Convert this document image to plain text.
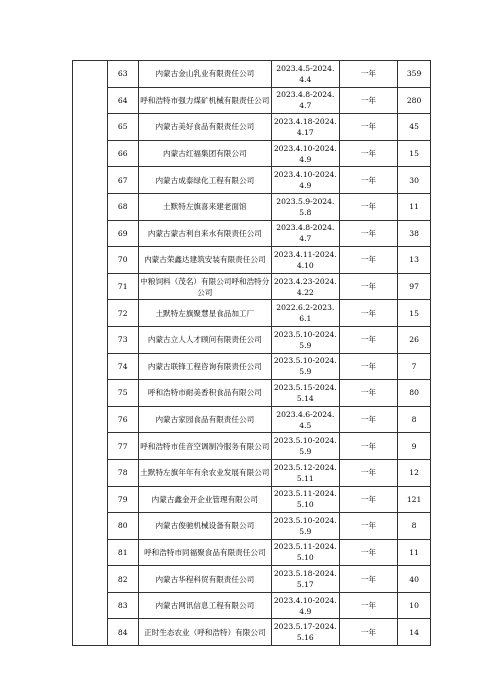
	63	内蒙古金山乳业有限责任公司	2023.4.5-2024.4.4	一年	359
	64	呼和浩特市强力煤矿机械有限责任公司	2023.4.8-2024.4.7	一年	280
	65	内蒙古美好食品有限责任公司	2023.4.18-2024.4.17	一年	45
	66	内蒙古红福集团有限公司	2023.4.10-2024.4.9	一年	15
	67	内蒙古成泰绿化工程有限公司	2023.4.10-2024.4.9	一年	30
	68	土默特左旗喜来建老面馆	2023.5.9-2024.5.8	一年	11
	69	内蒙古蒙古利自来水有限责任公司	2023.4.8-2024.4.7	一年	38
	70	内蒙古荣鑫达建筑安装有限责任公司	2023.4.11-2024.4.10	一年	13
	71	中粮饲料（茂名）有限公司呼和浩特分公司	2023.4.23-2024.4.22	一年	97
	72	土默特左旗聚慧星食品加工厂	2022.6.2-2023.6.1	一年	15
	73	内蒙古立人人才顾问有限责任公司	2023.5.10-2024.5.9	一年	26
	74	内蒙古联锋工程咨询有限责任公司	2023.5.10-2024.5.9	一年	7
	75	呼和浩特市耐美香积食品有限公司	2023.5.15-2024.5.14	一年	80
	76	内蒙古家园食品有限责任公司	2023.4.6-2024.4.5	一年	8
	77	呼和浩特市佳音空调制冷服务有限公司	2023.5.10-2024.5.9	一年	9
	78	土默特左旗年年有余农业发展有限公司	2023.5.12-2024.5.11	一年	12
	79	内蒙古鑫金开企业管理有限公司	2023.5.11-2024.5.10	一年	121
	80	内蒙古俊驰机械设备有限公司	2023.5.10-2024.5.9	一年	8
	81	呼和浩特市同福聚食品有限责任公司	2023.5.11-2024.5.10	一年	11
	82	内蒙古华程科贸有限责任公司	2023.5.18-2024.5.17	一年	40
	83	内蒙古网讯信息工程有限公司	2023.4.10-2024.4.9	一年	10
	84	正时生态农业（呼和浩特）有限公司	2023.5.17-2024.5.16	一年	14
